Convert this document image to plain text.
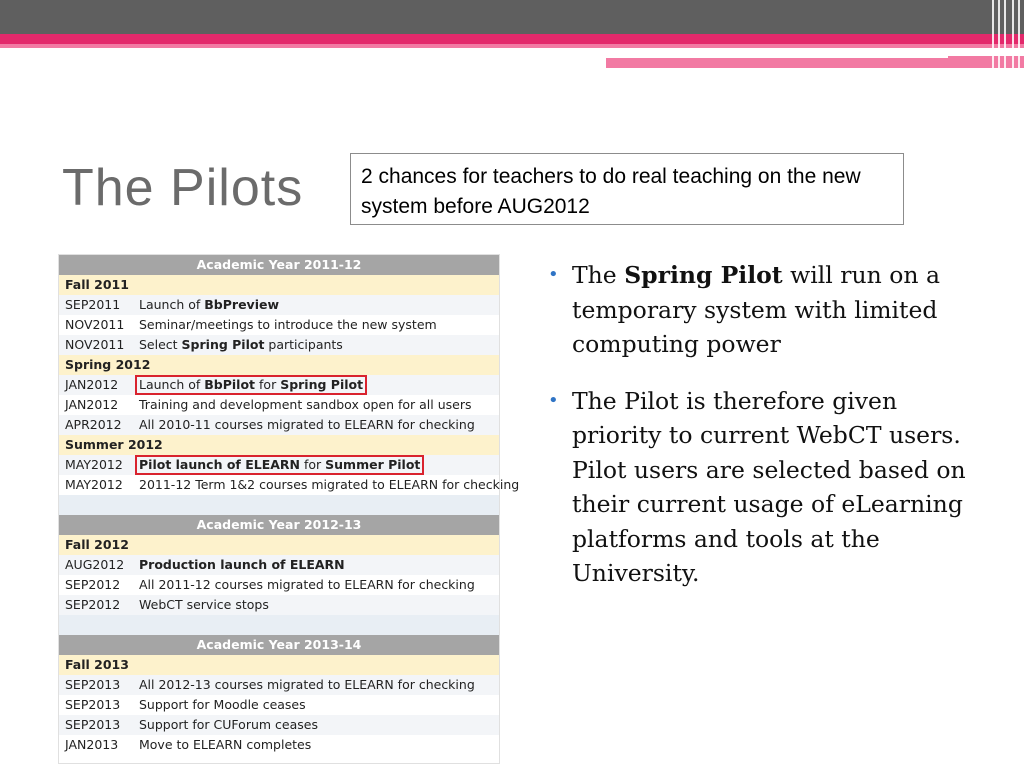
The Pilots	2 chances for teachers to do real teaching on the new system before AUG2012
Academic Year 2011-12
Fall 2011
SEP2011	Launch of BbPreview
NOV2011	Seminar/meetings to introduce the new system
NOV2011	Select Spring Pilot participants
Spring 2012
JAN2012	Launch of BbPilot for Spring Pilot
JAN2012	Training and development sandbox open for all users
APR2012	All 2010-11 courses migrated to ELEARN for checking
Summer 2012
MAY2012	Pilot launch of ELEARN for Summer Pilot
MAY2012	2011-12 Term 1&2 courses migrated to ELEARN for checking
Academic Year 2012-13
Fall 2012
AUG2012	Production launch of ELEARN
SEP2012	All 2011-12 courses migrated to ELEARN for checking
SEP2012	WebCT service stops
Academic Year 2013-14
Fall 2013
SEP2013	All 2012-13 courses migrated to ELEARN for checking
SEP2013	Support for Moodle ceases
SEP2013	Support for CUForum ceases
JAN2013	Move to ELEARN completes
• The Spring Pilot will run on a temporary system with limited computing power
• The Pilot is therefore given priority to current WebCT users. Pilot users are selected based on their current usage of eLearning platforms and tools at the University.
